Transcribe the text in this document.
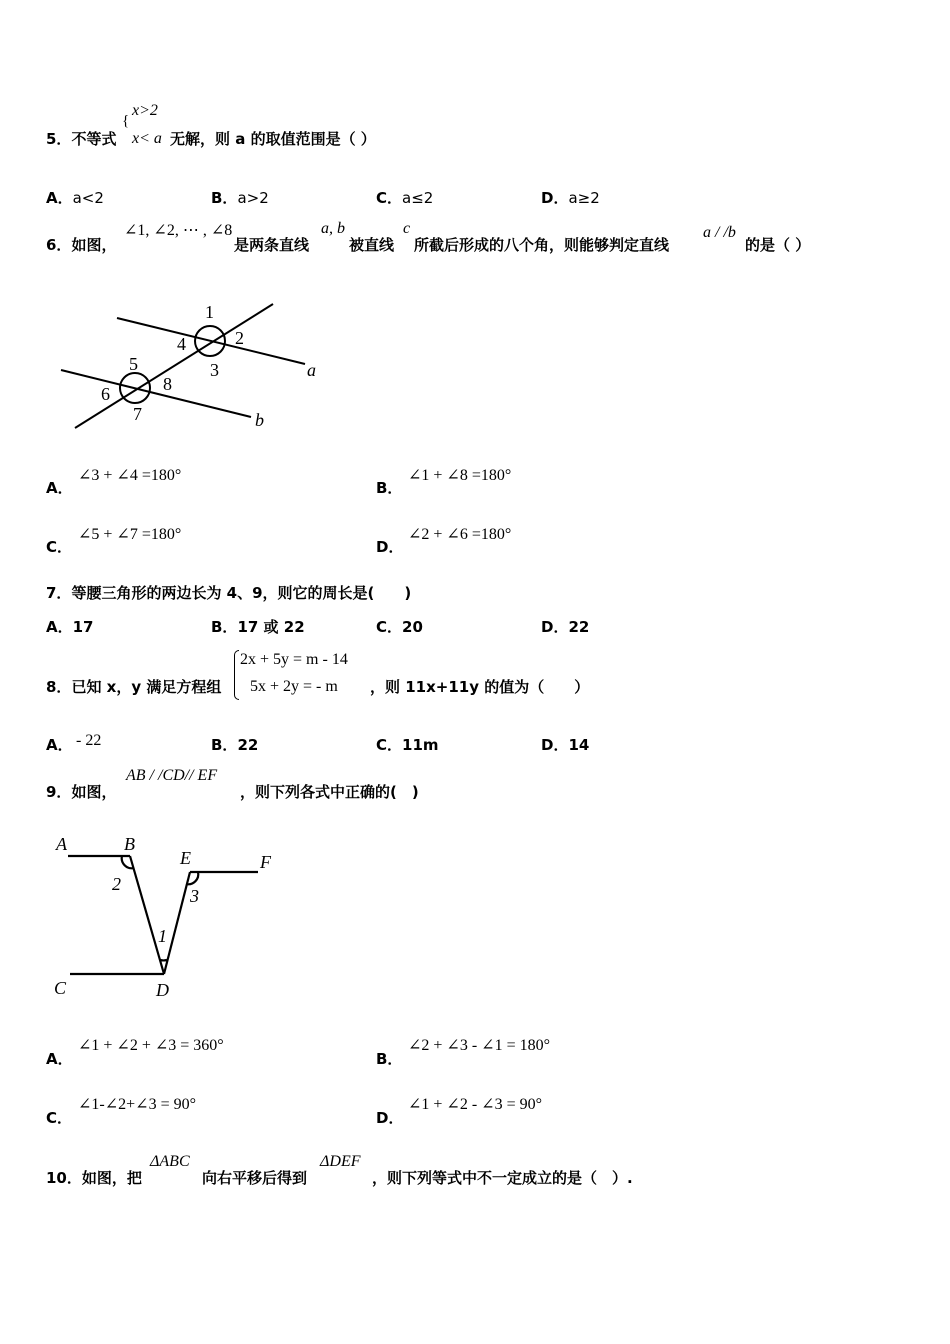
5．不等式
x>2
x< a
{
无解，则 a 的取值范围是（ ）
A．a<2	B．a>2	C．a≤2	D．a≥2
6．如图，
∠1, ∠2, ⋯ , ∠8
是两条直线
a, b
被直线
c
所截后形成的八个角，则能够判定直线
a / /b
的是（ ）
1
2
3
4
5
6
7
8
a
b
A．
∠3 + ∠4 =180°
B．
∠1 + ∠8 =180°
C．
∠5 + ∠7 =180°
D．
∠2 + ∠6 =180°
7．等腰三角形的两边长为 4、9，则它的周长是(　　)
A．17	B．17 或 22	C．20	D．22
8．已知 x，y 满足方程组
2x + 5y = m - 14
5x + 2y = - m ，则 11x+11y 的值为（　　）
A． - 22	B．22	C．11m	D．14
9．如图，
AB / /CD// EF
，则下列各式中正确的(　)
A	B
E	F
C	D
1
2
3
A．
∠1 + ∠2 + ∠3 = 360°
B．
∠2 + ∠3 - ∠1 = 180°
C．
∠1-∠2+∠3 = 90°
D．
∠1 + ∠2 - ∠3 = 90°
10．如图，把
ΔABC
向右平移后得到
ΔDEF
，则下列等式中不一定成立的是（　）.
